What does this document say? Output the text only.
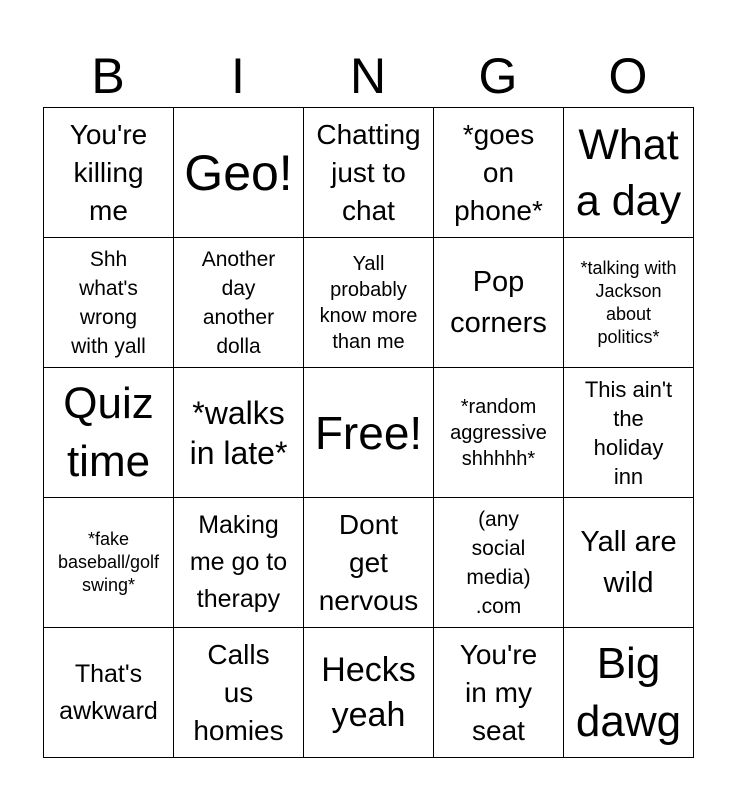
B	I	N	G	O
You're
killing
me	Geo!	Chatting
just to
chat	*goes
on
phone*	What
a day

Shh
what's
wrong
with yall	Another
day
another
dolla	Yall
probably
know more
than me	Pop
corners	*talking with
Jackson
about
politics*

Quiz
time	*walks
in late*	Free!	*random
aggressive
shhhhh*	This ain't
the
holiday
inn

*fake
baseball/golf
swing*	Making
me go to
therapy	Dont
get
nervous	(any
social
media)
.com	Yall are
wild

That's
awkward	Calls
us
homies	Hecks
yeah	You're
in my
seat	Big
dawg
